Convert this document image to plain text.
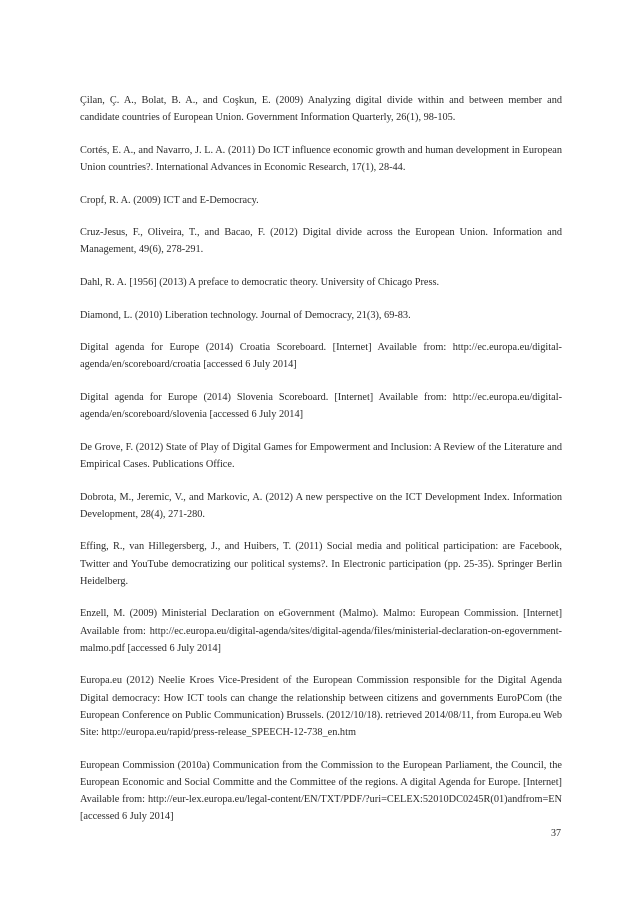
Çilan, Ç. A., Bolat, B. A., and Coşkun, E. (2009) Analyzing digital divide within and between member and candidate countries of European Union. Government Information Quarterly, 26(1), 98-105.

Cortés, E. A., and Navarro, J. L. A. (2011) Do ICT influence economic growth and human development in European Union countries?. International Advances in Economic Research, 17(1), 28-44.

Cropf, R. A. (2009) ICT and E-Democracy.

Cruz-Jesus, F., Oliveira, T., and Bacao, F. (2012) Digital divide across the European Union. Information and Management, 49(6), 278-291.

Dahl, R. A. [1956] (2013) A preface to democratic theory. University of Chicago Press.

Diamond, L. (2010) Liberation technology. Journal of Democracy, 21(3), 69-83.

Digital agenda for Europe (2014) Croatia Scoreboard. [Internet] Available from: http://ec.europa.eu/digital-agenda/en/scoreboard/croatia [accessed 6 July 2014]

Digital agenda for Europe (2014) Slovenia Scoreboard. [Internet] Available from: http://ec.europa.eu/digital-agenda/en/scoreboard/slovenia [accessed 6 July 2014]

De Grove, F. (2012) State of Play of Digital Games for Empowerment and Inclusion: A Review of the Literature and Empirical Cases. Publications Office.

Dobrota, M., Jeremic, V., and Markovic, A. (2012) A new perspective on the ICT Development Index. Information Development, 28(4), 271-280.

Effing, R., van Hillegersberg, J., and Huibers, T. (2011) Social media and political participation: are Facebook, Twitter and YouTube democratizing our political systems?. In Electronic participation (pp. 25-35). Springer Berlin Heidelberg.

Enzell, M. (2009) Ministerial Declaration on eGovernment (Malmo). Malmo: European Commission. [Internet] Available from: http://ec.europa.eu/digital-agenda/sites/digital-agenda/files/ministerial-declaration-on-egovernment-malmo.pdf [accessed 6 July 2014]

Europa.eu (2012) Neelie Kroes Vice-President of the European Commission responsible for the Digital Agenda Digital democracy: How ICT tools can change the relationship between citizens and governments EuroPCom (the European Conference on Public Communication) Brussels. (2012/10/18). retrieved 2014/08/11, from Europa.eu Web Site: http://europa.eu/rapid/press-release_SPEECH-12-738_en.htm

European Commission (2010a) Communication from the Commission to the European Parliament, the Council, the European Economic and Social Committe and the Committee of the regions. A digital Agenda for Europe. [Internet] Available from: http://eur-lex.europa.eu/legal-content/EN/TXT/PDF/?uri=CELEX:52010DC0245R(01)andfrom=EN [accessed 6 July 2014]

37
